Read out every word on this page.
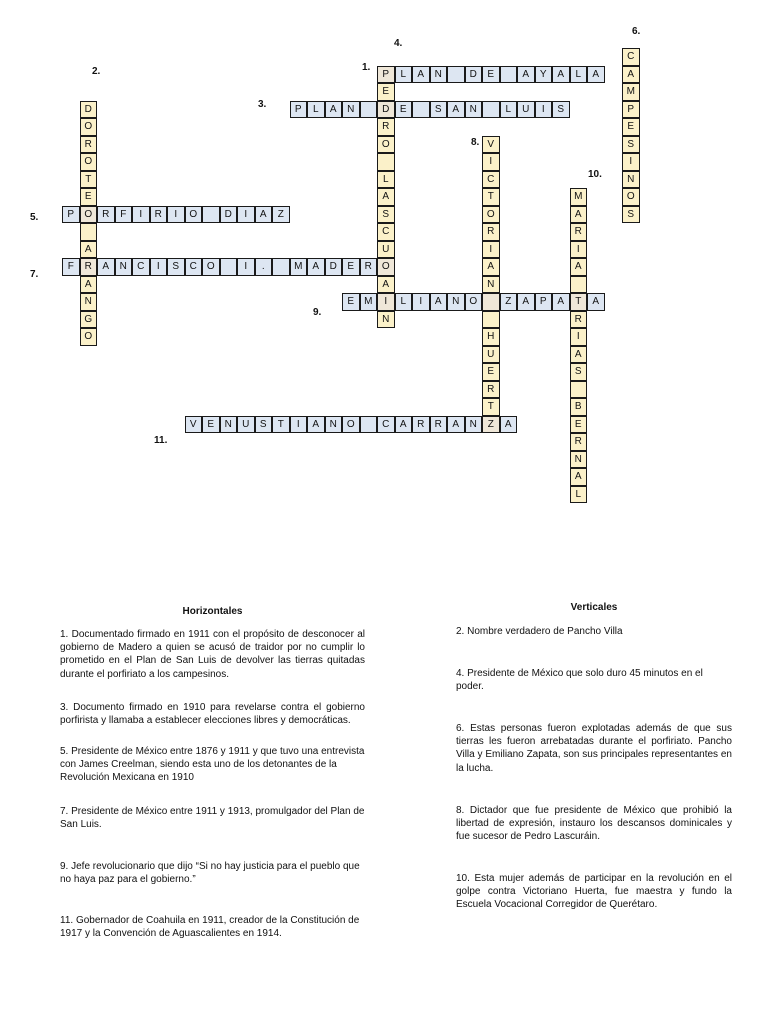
P	L	A	N	D	E	A	Y	A	L	A
P	L	A	N	D	E	S	A	N	L	U	I	S
P	O R	F	I	R	I	O	D	I	A	Z
F	R	A	N	C	I	S	C	O	I	.	M A	D	E	R	O
E	M	I	L	I	A	N	O	Z	A	P	A	T	A
V	E	N	U	S	T	I	A	N	O	C	A	R	R	A	N	Z	A
D
O
R
O
T
E
A
A
N
G
O
E
R
O
L
A
S
C
U
A
N
C
A
M
P
E
S
I
N
O
S
V
I
C
T
O
R
I
A
N
H
U
E
R
T
M
A
R
I
A
R
I
A
S
B
E
R
N
A
L
1.
3.
5.
7.
9.
11.
2.
4.
6.
8.
10.
Horizontales	Verticales
1. Documentado firmado en 1911 con el propósito de desconocer al gobierno de Madero a quien se acusó de traidor por no cumplir lo prometido en el Plan de San Luis de devolver las tierras quitadas durante el porfiriato a los campesinos.
3. Documento firmado en 1910 para revelarse contra el gobierno porfirista y llamaba a establecer elecciones libres y democráticas.
5. Presidente de México entre 1876 y 1911 y que tuvo una entrevista con James Creelman, siendo esta uno de los detonantes de la Revolución Mexicana en 1910
7. Presidente de México entre 1911 y 1913, promulgador del Plan de San Luis.
9. Jefe revolucionario que dijo “Si no hay justicia para el pueblo que no haya paz para el gobierno.”
11. Gobernador de Coahuila en 1911, creador de la Constitución de 1917 y la Convención de Aguascalientes en 1914.
2. Nombre verdadero de Pancho Villa
4. Presidente de México que solo duro 45 minutos en el poder.
6. Estas personas fueron explotadas además de que sus tierras les fueron arrebatadas durante el porfiriato. Pancho Villa y Emiliano Zapata, son sus principales representantes en la lucha.
8. Dictador que fue presidente de México que prohibió la libertad de expresión, instauro los descansos dominicales y fue sucesor de Pedro Lascuráin.
10. Esta mujer además de participar en la revolución en el golpe contra Victoriano Huerta, fue maestra y fundo la Escuela Vocacional Corregidor de Querétaro.
